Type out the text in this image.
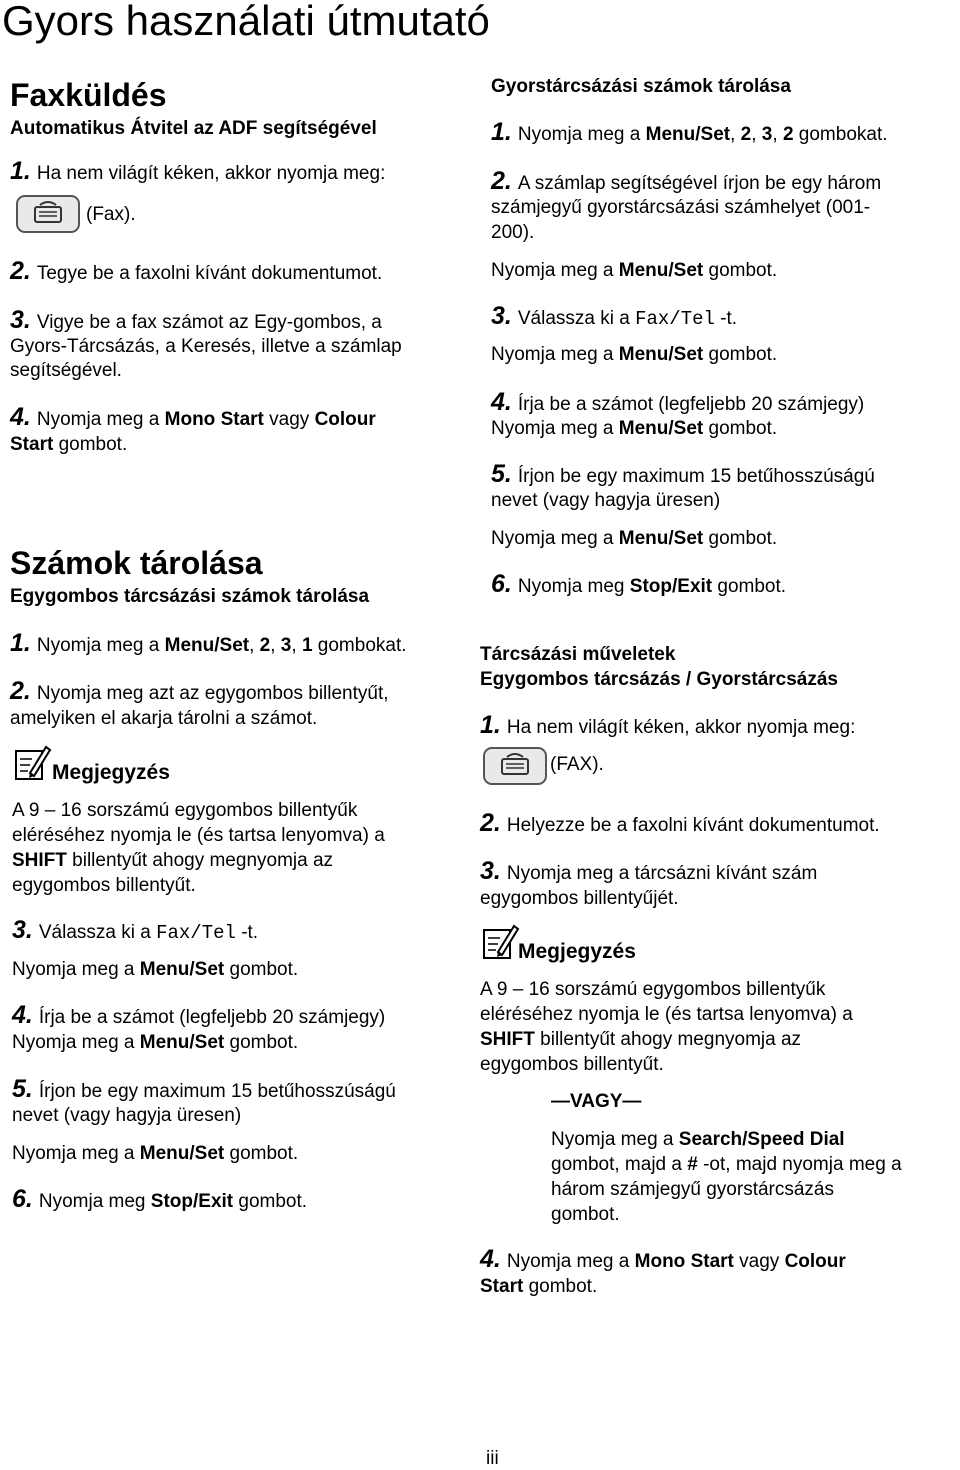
Gyors használati útmutató
Faxküldés
Automatikus Átvitel az ADF segítségével
1. Ha nem világít kéken, akkor nyomja meg:
(Fax).
2. Tegye be a faxolni kívánt dokumentumot.
3. Vigye be a fax számot az Egy-gombos, a
Gyors-Tárcsázás, a Keresés, illetve a számlap
segítségével.
4. Nyomja meg a Mono Start vagy Colour
Start gombot.
Számok tárolása
Egygombos tárcsázási számok tárolása
1. Nyomja meg a Menu/Set, 2, 3, 1 gombokat.
2. Nyomja meg azt az egygombos billentyűt,
amelyiken el akarja tárolni a számot.
Megjegyzés
A 9 – 16 sorszámú egygombos billentyűk
eléréséhez nyomja le (és tartsa lenyomva) a
SHIFT billentyűt ahogy megnyomja az
egygombos billentyűt.
3. Válassza ki a Fax/Tel -t.
Nyomja meg a Menu/Set gombot.
4. Írja be a számot (legfeljebb 20 számjegy)
Nyomja meg a Menu/Set gombot.
5. Írjon be egy maximum 15 betűhosszúságú
nevet (vagy hagyja üresen)
Nyomja meg a Menu/Set gombot.
6. Nyomja meg Stop/Exit gombot.
Gyorstárcsázási számok tárolása
1. Nyomja meg a Menu/Set, 2, 3, 2 gombokat.
2. A számlap segítségével írjon be egy három
számjegyű gyorstárcsázási számhelyet (001-
200).
Nyomja meg a Menu/Set gombot.
3. Válassza ki a Fax/Tel -t.
Nyomja meg a Menu/Set gombot.
4. Írja be a számot (legfeljebb 20 számjegy)
Nyomja meg a Menu/Set gombot.
5. Írjon be egy maximum 15 betűhosszúságú
nevet (vagy hagyja üresen)
Nyomja meg a Menu/Set gombot.
6. Nyomja meg Stop/Exit gombot.
Tárcsázási műveletek
Egygombos tárcsázás / Gyorstárcsázás
1. Ha nem világít kéken, akkor nyomja meg:
(FAX).
2. Helyezze be a faxolni kívánt dokumentumot.
3. Nyomja meg a tárcsázni kívánt szám
egygombos billentyűjét.
Megjegyzés
A 9 – 16 sorszámú egygombos billentyűk
eléréséhez nyomja le (és tartsa lenyomva) a
SHIFT billentyűt ahogy megnyomja az
egygombos billentyűt.
—VAGY—
Nyomja meg a Search/Speed Dial
gombot, majd a # -ot, majd nyomja meg a
három számjegyű gyorstárcsázás
gombot.
4. Nyomja meg a Mono Start vagy Colour
Start gombot.
iii
